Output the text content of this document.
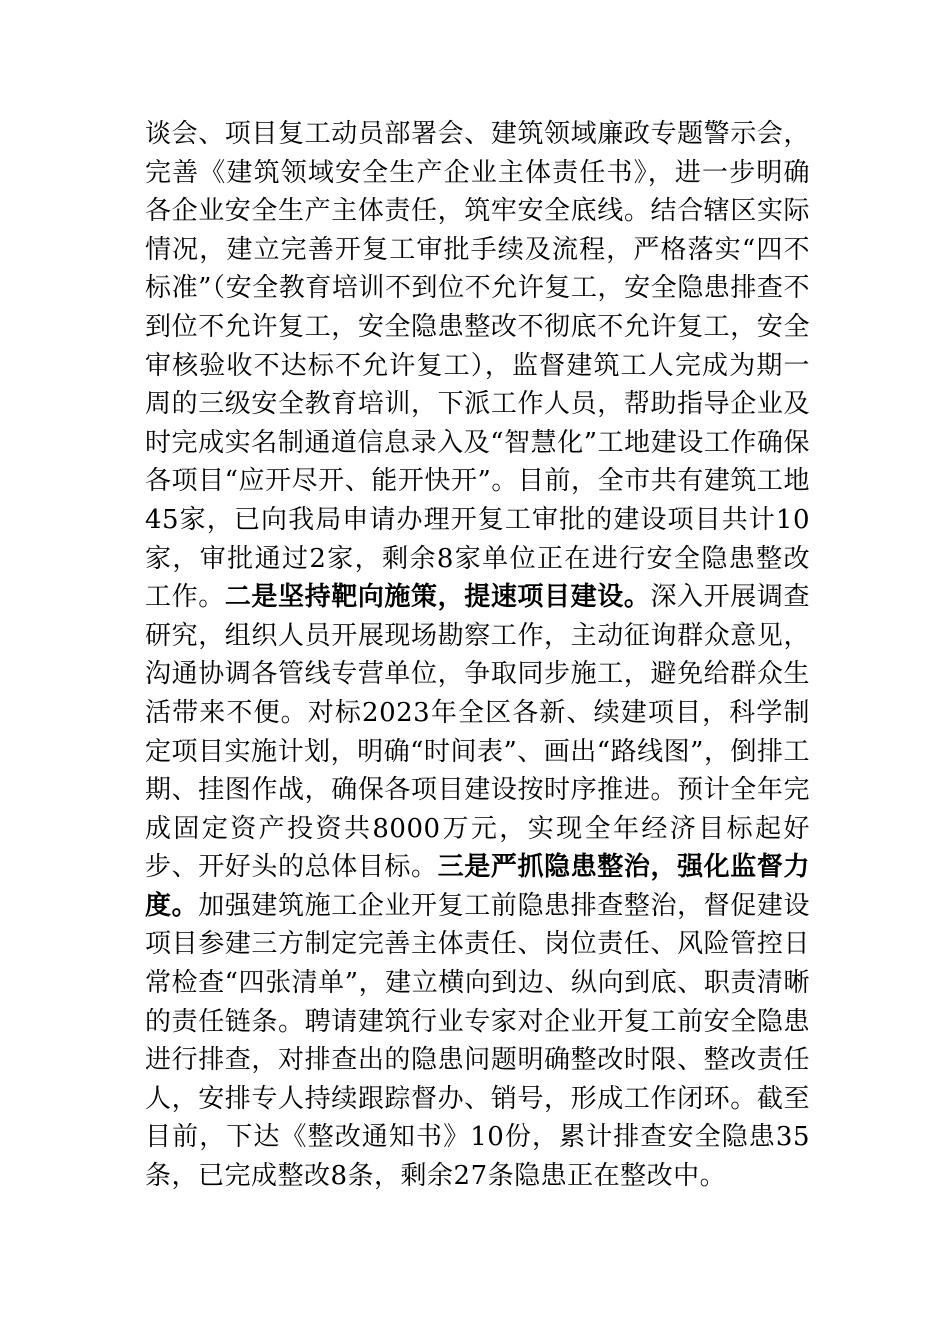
谈会、项目复工动员部署会、建筑领域廉政专题警示会，完善《建筑领域安全生产企业主体责任书》，进一步明确各企业安全生产主体责任，筑牢安全底线。结合辖区实际情况，建立完善开复工审批手续及流程，严格落实“四不标准”（安全教育培训不到位不允许复工，安全隐患排查不到位不允许复工，安全隐患整改不彻底不允许复工，安全审核验收不达标不允许复工），监督建筑工人完成为期一周的三级安全教育培训，下派工作人员，帮助指导企业及时完成实名制通道信息录入及“智慧化”工地建设工作确保各项目“应开尽开、能开快开”。目前，全市共有建筑工地45家，已向我局申请办理开复工审批的建设项目共计10家，审批通过2家，剩余8家单位正在进行安全隐患整改工作。二是坚持靶向施策，提速项目建设。深入开展调查研究，组织人员开展现场勘察工作，主动征询群众意见，沟通协调各管线专营单位，争取同步施工，避免给群众生活带来不便。对标2023年全区各新、续建项目，科学制定项目实施计划，明确“时间表”、画出“路线图”，倒排工期、挂图作战，确保各项目建设按时序推进。预计全年完成固定资产投资共8000万元，实现全年经济目标起好步、开好头的总体目标。三是严抓隐患整治，强化监督力度。加强建筑施工企业开复工前隐患排查整治，督促建设项目参建三方制定完善主体责任、岗位责任、风险管控日常检查“四张清单”，建立横向到边、纵向到底、职责清晰的责任链条。聘请建筑行业专家对企业开复工前安全隐患进行排查，对排查出的隐患问题明确整改时限、整改责任人，安排专人持续跟踪督办、销号，形成工作闭环。截至目前，下达《整改通知书》10份，累计排查安全隐患35条，已完成整改8条，剩余27条隐患正在整改中。
